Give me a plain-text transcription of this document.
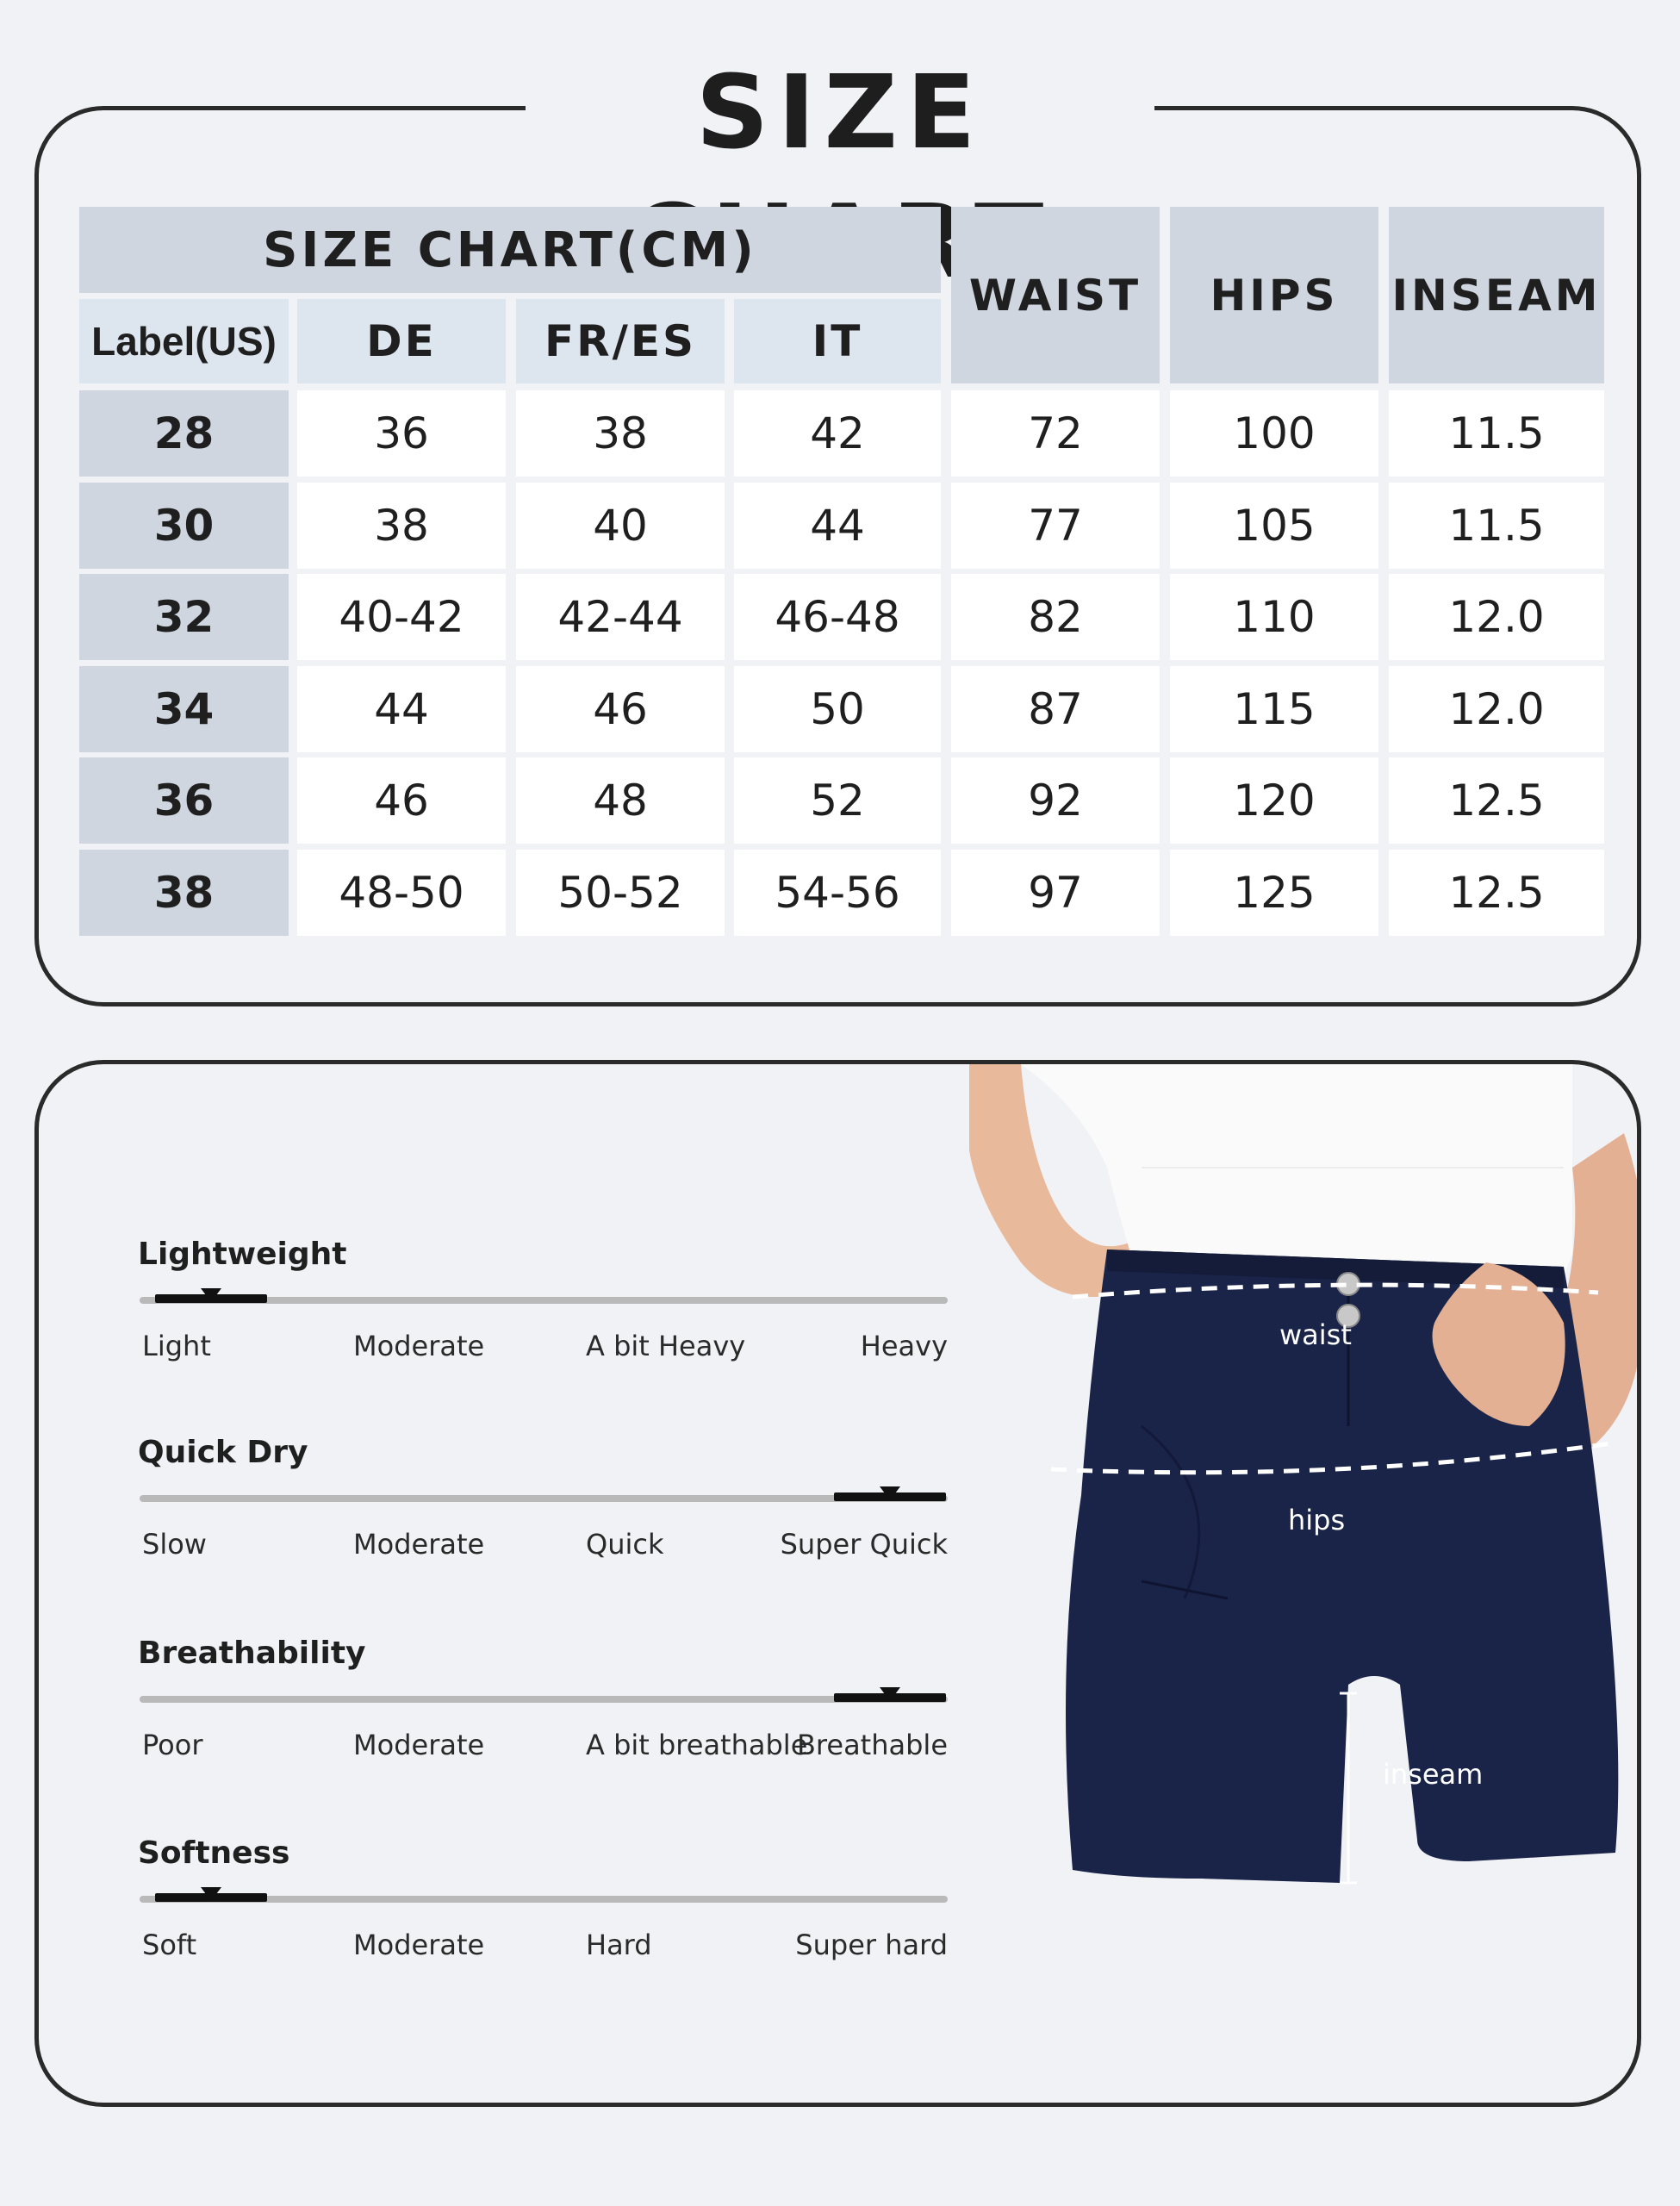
SIZE
SIZE CHART(CM)
WAIST	HIPS	INSEAM
Label(US)	DE	FR/ES	IT
28	36	38	42	72	100	11.5
30	38	40	44	77	105	11.5
32	40-42	42-44	46-48	82	110	12.0
34	44	46	50	87	115	12.0
36	46	48	52	92	120	12.5
38	48-50	50-52	54-56	97	125	12.5
Lightweight
Light	Moderate	A bit Heavy	Heavy
Quick Dry
Slow	Moderate	Quick	Super Quick
Breathability
Poor	Moderate	A bit breathable
Breathable
Softness
Soft	Moderate	Hard	Super hard
waist
hips
inseam
